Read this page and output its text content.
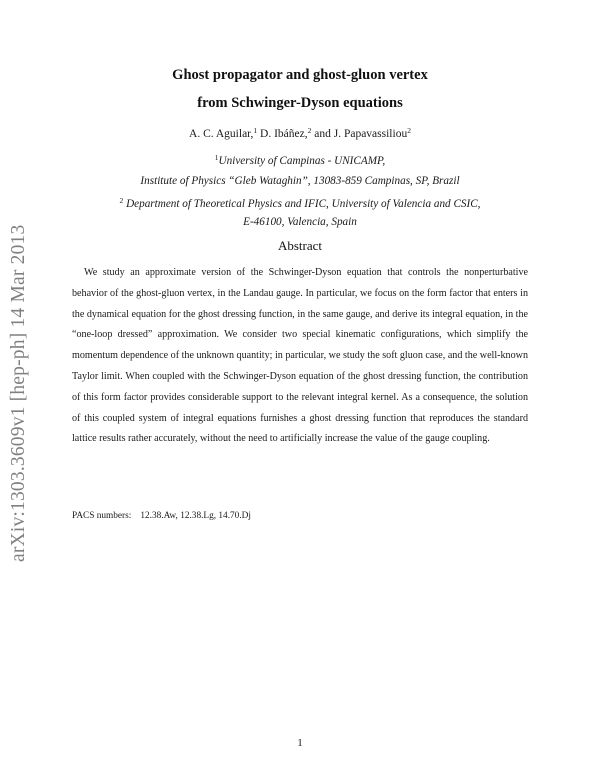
arXiv:1303.3609v1 [hep-ph] 14 Mar 2013
Ghost propagator and ghost-gluon vertex
from Schwinger-Dyson equations
A. C. Aguilar,$^1$ D. Ibáñez,$^2$ and J. Papavassiliou$^2$
$^1$University of Campinas - UNICAMP,
Institute of Physics “Gleb Wataghin”, 13083-859 Campinas, SP, Brazil
$^2$ Department of Theoretical Physics and IFIC, University of Valencia and CSIC,
E-46100, Valencia, Spain
Abstract
We study an approximate version of the Schwinger-Dyson equation that controls the nonperturbative behavior of the ghost-gluon vertex, in the Landau gauge. In particular, we focus on the form factor that enters in the dynamical equation for the ghost dressing function, in the same gauge, and derive its integral equation, in the “one-loop dressed” approximation. We consider two special kinematic configurations, which simplify the momentum dependence of the unknown quantity; in particular, we study the soft gluon case, and the well-known Taylor limit. When coupled with the Schwinger-Dyson equation of the ghost dressing function, the contribution of this form factor provides considerable support to the relevant integral kernel. As a consequence, the solution of this coupled system of integral equations furnishes a ghost dressing function that reproduces the standard lattice results rather accurately, without the need to artificially increase the value of the gauge coupling.
PACS numbers: 12.38.Aw, 12.38.Lg, 14.70.Dj
1
